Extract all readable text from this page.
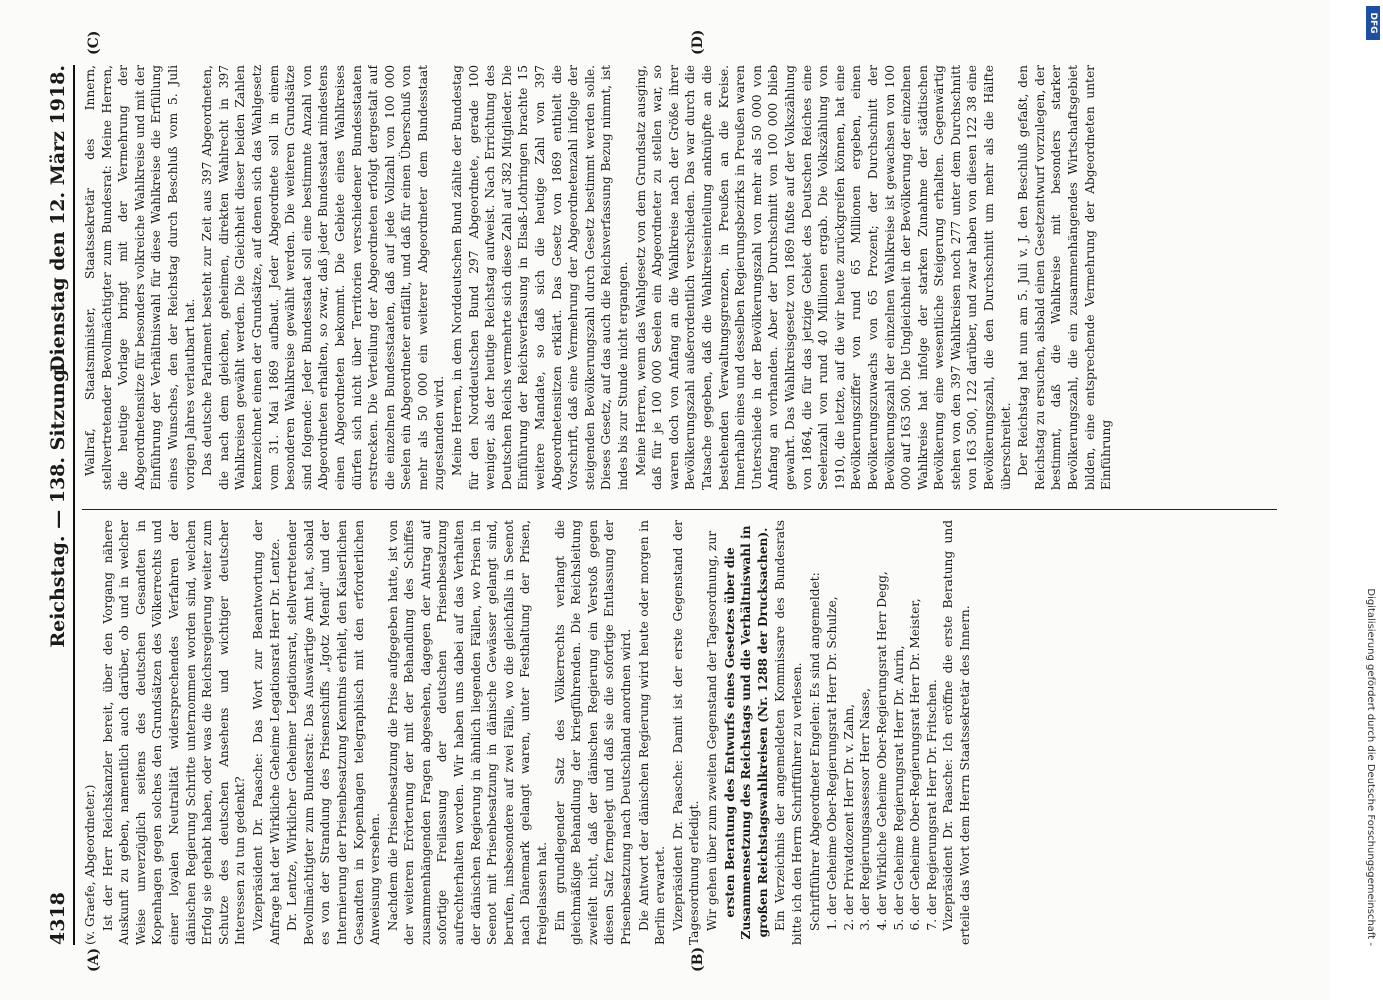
4318
Reichstag. — 138. Sitzung.
Dienstag den 12. März 1918.
(A)	(B)
(C)	(D)

(v. Graefe, Abgeordneter.) Ist der Herr Reichskanzler bereit, über den Vorgang nähere Auskunft zu geben, namentlich auch darüber, ob und in welcher Weise unverzüglich seitens des deutschen Gesandten in Kopenhagen gegen solches den Grundsätzen des Völkerrechts und einer loyalen Neutralität widersprechendes Verfahren der dänischen Regierung Schritte unternommen worden sind, welchen Erfolg sie gehabt haben, oder was die Reichsregierung weiter zum Schutze des deutschen Ansehens und wichtiger deutscher Interessen zu tun gedenkt? Vizepräsident Dr. Paasche: Das Wort zur Beantwortung der Anfrage hat der Wirkliche Geheime Legationsrat Herr Dr. Lentze. Dr. Lentze, Wirklicher Geheimer Legationsrat, stellvertretender Bevollmächtigter zum Bundesrat: Das Auswärtige Amt hat, sobald es von der Strandung des Prisenschiffs „Igotz Mendi“ und der Internierung der Prisenbesatzung Kenntnis erhielt, den Kaiserlichen Gesandten in Kopenhagen telegraphisch mit den erforderlichen Anweisung versehen. Nachdem die Prisenbesatzung die Prise aufgegeben hatte, ist von der weiteren Erörterung der mit der Behandlung des Schiffes zusammenhängenden Fragen abgesehen, dagegen der Antrag auf sofortige Freilassung der deutschen Prisenbesatzung aufrechterhalten worden. Wir haben uns dabei auf das Verhalten der dänischen Regierung in ähnlich liegenden Fällen, wo Prisen in Seenot mit Prisenbesatzung in dänische Gewässer gelangt sind, berufen, insbesondere auf zwei Fälle, wo die gleichfalls in Seenot nach Dänemark gelangt waren, unter Festhaltung der Prisen, freigelassen hat. Ein grundlegender Satz des Völkerrechts verlangt die gleichmäßige Behandlung der kriegführenden. Die Reichsleitung zweifelt nicht, daß der dänischen Regierung ein Verstoß gegen diesen Satz ferngelegt und daß sie die sofortige Entlassung der Prisenbesatzung nach Deutschland anordnen wird. Die Antwort der dänischen Regierung wird heute oder morgen in Berlin erwartet. Vizepräsident Dr. Paasche: Damit ist der erste Gegenstand der Tagesordnung erledigt. Wir gehen über zum zweiten Gegenstand der Tagesordnung, zur ersten Beratung des Entwurfs eines Gesetzes über die Zusammensetzung des Reichstags und die Verhältniswahl in großen Reichstagswahlkreisen (Nr. 1288 der Drucksachen). Ein Verzeichnis der angemeldeten Kommissare des Bundesrats bitte ich den Herrn Schriftführer zu verlesen. Schriftführer Abgeordneter Engelen: Es sind angemeldet: 1. der Geheime Ober-Regierungsrat Herr Dr. Schulze, 2. der Privatdozent Herr Dr. v. Zahn, 3. der Regierungsassessor Herr Nasse, 4. der Wirkliche Geheime Ober-Regierungsrat Herr Degg, 5. der Geheime Regierungsrat Herr Dr. Aurin, 6. der Geheime Ober-Regierungsrat Herr Dr. Meister, 7. der Regierungsrat Herr Dr. Fritschen. Vizepräsident Dr. Paasche: Ich eröffne die erste Beratung und erteile das Wort dem Herrn Staatssekretär des Innern.

Wallraf, Staatsminister, Staatssekretär des Innern, stellvertretender Bevollmächtigter zum Bundesrat: Meine Herren, die heutige Vorlage bringt mit der Vermehrung der Abgeordnetensitze für besonders volkreiche Wahlkreise und mit der Einführung der Verhältniswahl für diese Wahlkreise die Erfüllung eines Wunsches, den der Reichstag durch Beschluß vom 5. Juli vorigen Jahres verlautbart hat. Das deutsche Parlament besteht zur Zeit aus 397 Abgeordneten, die nach dem gleichen, geheimen, direkten Wahlrecht in 397 Wahlkreisen gewählt werden. Die Gleichheit dieser beiden Zahlen kennzeichnet einen der Grundsätze, auf denen sich das Wahlgesetz vom 31. Mai 1869 aufbaut. Jeder Abgeordnete soll in einem besonderen Wahlkreise gewählt werden. Die weiteren Grundsätze sind folgende: Jeder Bundesstaat soll eine bestimmte Anzahl von Abgeordneten erhalten, so zwar, daß jeder Bundesstaat mindestens einen Abgeordneten bekommt. Die Gebiete eines Wahlkreises dürfen sich nicht über Territorien verschiedener Bundesstaaten erstrecken. Die Verteilung der Abgeordneten erfolgt dergestalt auf die einzelnen Bundesstaaten, daß auf jede Vollzahl von 100 000 Seelen ein Abgeordneter entfällt, und daß für einen Überschuß von mehr als 50 000 ein weiterer Abgeordneter dem Bundesstaat zugestanden wird. Meine Herren, in dem Norddeutschen Bund zählte der Bundestag für den Norddeutschen Bund 297 Abgeordnete, gerade 100 weniger, als der heutige Reichstag aufweist. Nach Errichtung des Deutschen Reichs vermehrte sich diese Zahl auf 382 Mitglieder. Die Einführung der Reichsverfassung in Elsaß-Lothringen brachte 15 weitere Mandate, so daß sich die heutige Zahl von 397 Abgeordnetensitzen erklärt. Das Gesetz von 1869 enthielt die Vorschrift, daß eine Vermehrung der Abgeordnetenzahl infolge der steigenden Bevölkerungszahl durch Gesetz bestimmt werden solle. Dieses Gesetz, auf das auch die Reichsverfassung Bezug nimmt, ist indes bis zur Stunde nicht ergangen. Meine Herren, wenn das Wahlgesetz von dem Grundsatz ausging, daß für je 100 000 Seelen ein Abgeordneter zu stellen war, so waren doch von Anfang an die Wahlkreise nach der Größe ihrer Bevölkerungszahl außerordentlich verschieden. Das war durch die Tatsache gegeben, daß die Wahlkreiseinteilung anknüpfte an die bestehenden Verwaltungsgrenzen, in Preußen an die Kreise. Innerhalb eines und desselben Regierungsbezirks in Preußen waren Unterschiede in der Bevölkerungszahl von mehr als 50 000 von Anfang an vorhanden. Aber der Durchschnitt von 100 000 blieb gewahrt. Das Wahlkreisgesetz von 1869 fußte auf der Volkszählung von 1864, die für das jetzige Gebiet des Deutschen Reiches eine Seelenzahl von rund 40 Millionen ergab. Die Volkszählung von 1910, die letzte, auf die wir heute zurückgreifen können, hat eine Bevölkerungsziffer von rund 65 Millionen ergeben, einen Bevölkerungszuwachs von 65 Prozent; der Durchschnitt der Bevölkerungszahl der einzelnen Wahlkreise ist gewachsen von 100 000 auf 163 500. Die Ungleichheit in der Bevölkerung der einzelnen Wahlkreise hat infolge der starken Zunahme der städtischen Bevölkerung eine wesentliche Steigerung erhalten. Gegenwärtig stehen von den 397 Wahlkreisen noch 277 unter dem Durchschnitt von 163 500, 122 darüber, und zwar haben von diesen 122 38 eine Bevölkerungszahl, die den Durchschnitt um mehr als die Hälfte überschreitet. Der Reichstag hat nun am 5. Juli v. J. den Beschluß gefaßt, den Reichstag zu ersuchen, alsbald einen Gesetzentwurf vorzulegen, der bestimmt, daß die Wahlkreise mit besonders starker Bevölkerungszahl, die ein zusammenhängendes Wirtschaftsgebiet bilden, eine entsprechende Vermehrung der Abgeordneten unter Einführung

Digitalisierung gefördert durch die Deutsche Forschungsgemeinschaft -
DFG
